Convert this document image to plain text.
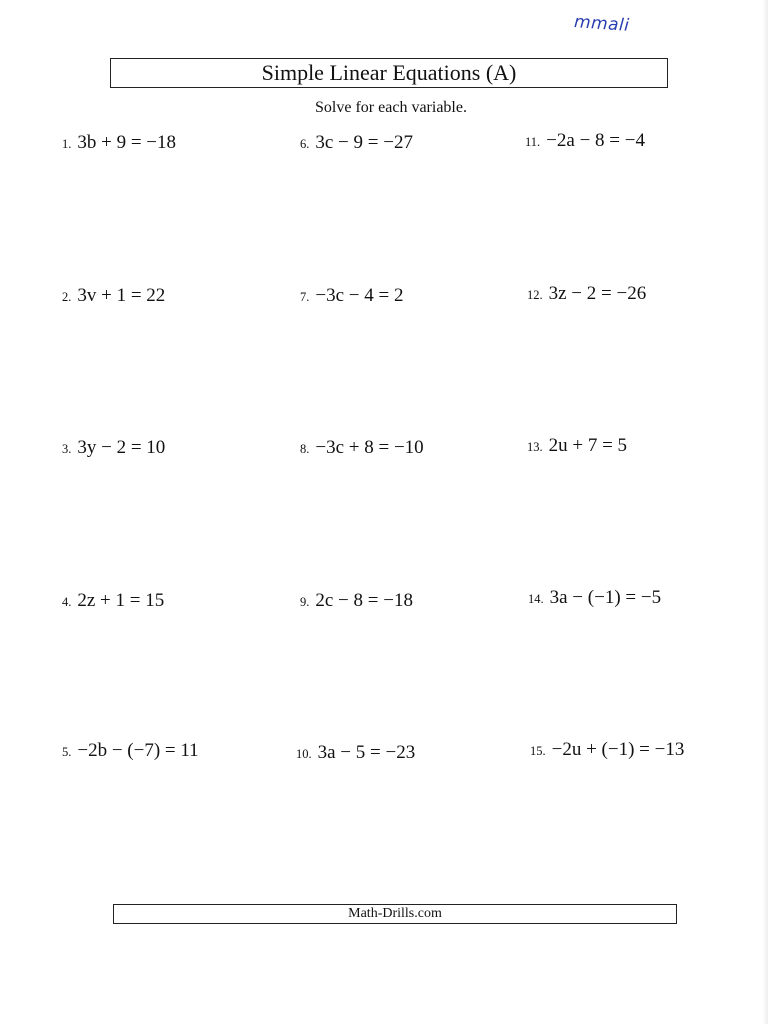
mmali
Simple Linear Equations (A)
Solve for each variable.
1. 3b + 9 = −18
2. 3v + 1 = 22
3. 3y − 2 = 10
4. 2z + 1 = 15
5. −2b − (−7) = 11
6. 3c − 9 = −27
7. −3c − 4 = 2
8. −3c + 8 = −10
9. 2c − 8 = −18
10. 3a − 5 = −23
11. −2a − 8 = −4
12. 3z − 2 = −26
13. 2u + 7 = 5
14. 3a − (−1) = −5
15. −2u + (−1) = −13
Math-Drills.com
